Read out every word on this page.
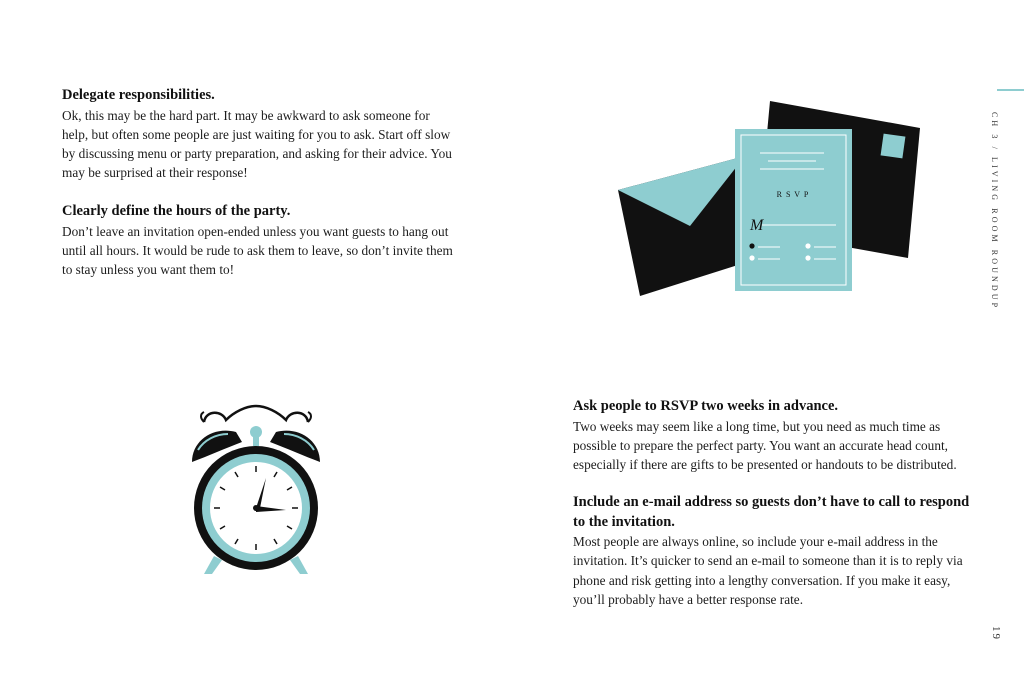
Delegate responsibilities.

Ok, this may be the hard part. It may be awkward to ask someone for

help, but often some people are just waiting for you to ask. Start off slow

by discussing menu or party preparation, and asking for their advice. You

may be surprised at their response!

Clearly define the hours of the party.

Don’t leave an invitation open-ended unless you want guests to hang out

until all hours. It would be rude to ask them to leave, so don’t invite them

to stay unless you want them to!

Ask people to RSVP two weeks in advance.

Two weeks may seem like a long time, but you need as much time as

possible to prepare the perfect party. You want an accurate head count,

especially if there are gifts to be presented or handouts to be distributed.

Include an e-mail address so guests don’t have to call to respond
to the invitation.

Most people are always online, so include your e-mail address in the

invitation. It’s quicker to send an e-mail to someone than it is to reply via

phone and risk getting into a lengthy conversation. If you make it easy,

you’ll probably have a better response rate.

R S V P
M	CH 3 / LIVING ROOM ROUNDUP
19
